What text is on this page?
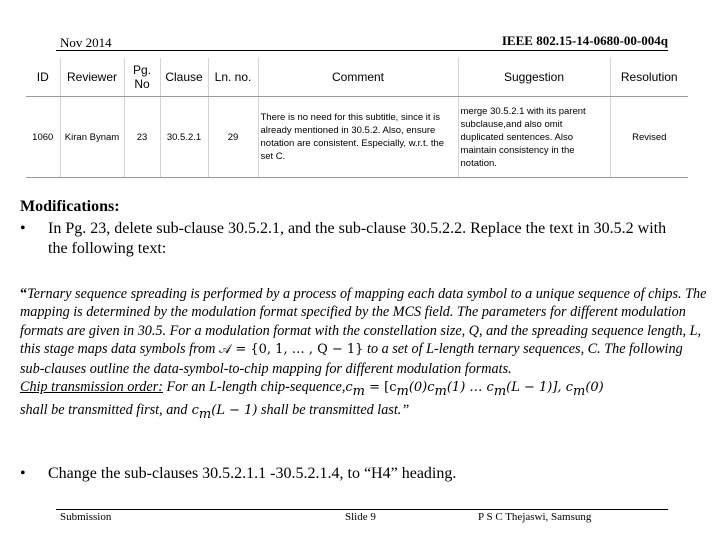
Nov 2014	IEEE 802.15-14-0680-00-004q
ID	Reviewer	Pg. No	Clause	Ln. no.	Comment	Suggestion	Resolution
1060	Kiran Bynam	23	30.5.2.1	29	There is no need for this subtitle, since it is already mentioned in 30.5.2. Also, ensure notation are consistent. Especially, w.r.t. the set C.	merge 30.5.2.1 with its parent subclause,and also omit duplicated sentences. Also maintain consistency in the notation.	Revised
Modifications:
• In Pg. 23, delete sub-clause 30.5.2.1, and the sub-clause 30.5.2.2. Replace the text in 30.5.2 with the following text:
“Ternary sequence spreading is performed by a process of mapping each data symbol to a unique sequence of chips. The mapping is determined by the modulation format specified by the MCS field. The parameters for different modulation formats are given in 30.5. For a modulation format with the constellation size, Q, and the spreading sequence length, L, this stage maps data symbols from 𝒜 = {0, 1, … , Q − 1} to a set of L-length ternary sequences, C. The following sub-clauses outline the data-symbol-to-chip mapping for different modulation formats.
Chip transmission order: For an L-length chip-$sequence,c_m = [c_m(0)c_m(1)$ … $c_m(L - 1)$], $c_m(0)$
shall be transmitted first, and $c_m(L - 1)$ shall be transmitted last.”
• Change the sub-clauses 30.5.2.1.1 -30.5.2.1.4, to “H4” heading.
Submission	Slide 9	P S C Thejaswi, Samsung
